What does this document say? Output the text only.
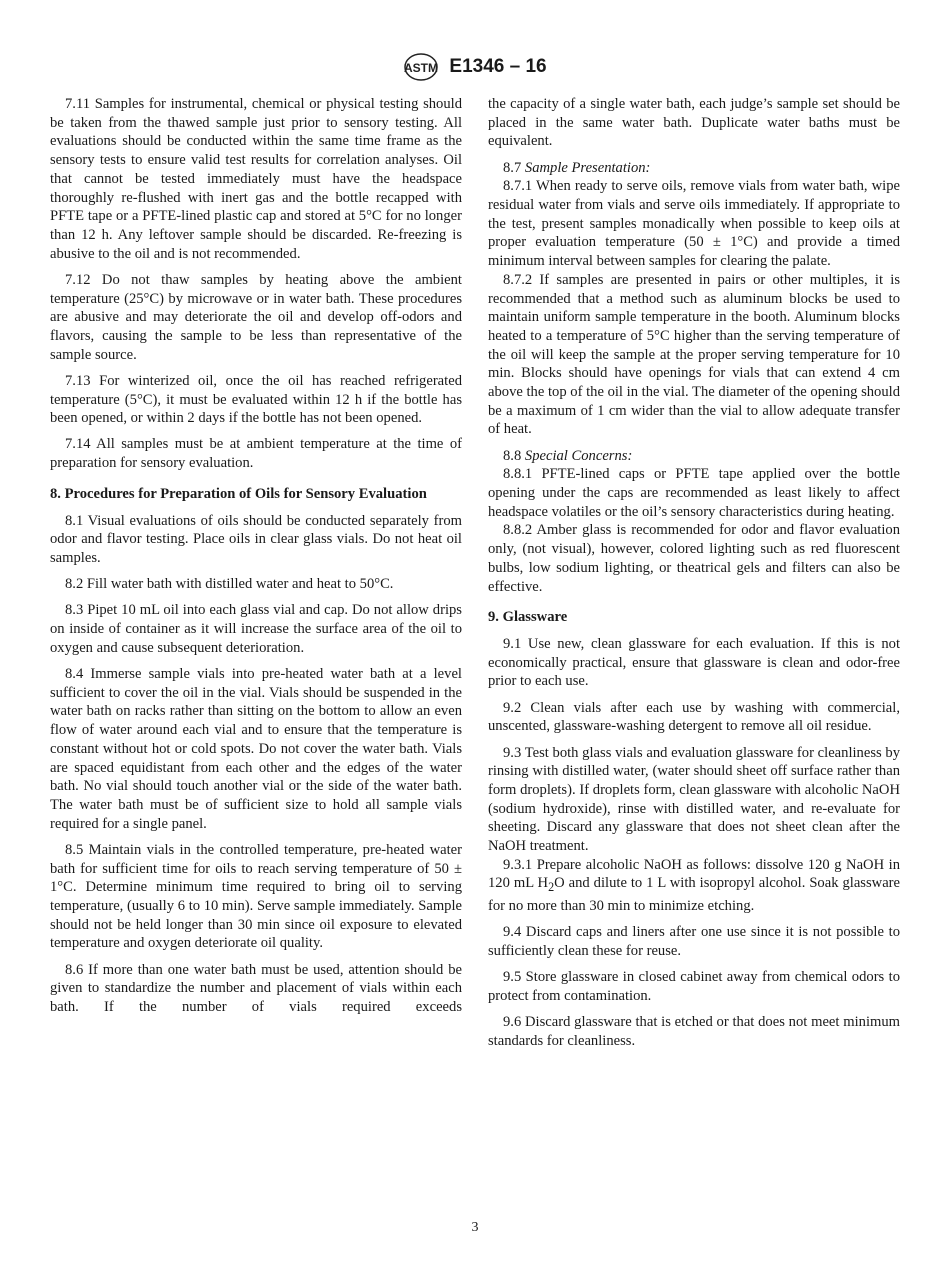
ASTM E1346 – 16

7.11 Samples for instrumental, chemical or physical testing should be taken from the thawed sample just prior to sensory testing. All evaluations should be conducted within the same time frame as the sensory tests to ensure valid test results for correlation analyses. Oil that cannot be tested immediately must have the headspace thoroughly re-flushed with inert gas and the bottle recapped with PFTE tape or a PFTE-lined plastic cap and stored at 5°C for no longer than 12 h. Any leftover sample should be discarded. Re-freezing is abusive to the oil and is not recommended.

7.12 Do not thaw samples by heating above the ambient temperature (25°C) by microwave or in water bath. These procedures are abusive and may deteriorate the oil and develop off-odors and flavors, causing the sample to be less than representative of the sample source.

7.13 For winterized oil, once the oil has reached refrigerated temperature (5°C), it must be evaluated within 12 h if the bottle has been opened, or within 2 days if the bottle has not been opened.

7.14 All samples must be at ambient temperature at the time of preparation for sensory evaluation.

8. Procedures for Preparation of Oils for Sensory Evaluation

8.1 Visual evaluations of oils should be conducted separately from odor and flavor testing. Place oils in clear glass vials. Do not heat oil samples.

8.2 Fill water bath with distilled water and heat to 50°C.

8.3 Pipet 10 mL oil into each glass vial and cap. Do not allow drips on inside of container as it will increase the surface area of the oil to oxygen and cause subsequent deterioration.

8.4 Immerse sample vials into pre-heated water bath at a level sufficient to cover the oil in the vial. Vials should be suspended in the water bath on racks rather than sitting on the bottom to allow an even flow of water around each vial and to ensure that the temperature is constant without hot or cold spots. Do not cover the water bath. Vials are spaced equidistant from each other and the edges of the water bath. No vial should touch another vial or the side of the water bath. The water bath must be of sufficient size to hold all sample vials required for a single panel.

8.5 Maintain vials in the controlled temperature, pre-heated water bath for sufficient time for oils to reach serving temperature of 50 ± 1°C. Determine minimum time required to bring oil to serving temperature, (usually 6 to 10 min). Serve sample immediately. Sample should not be held longer than 30 min since oil exposure to elevated temperature and oxygen deteriorate oil quality.

8.6 If more than one water bath must be used, attention should be given to standardize the number and placement of vials within each bath. If the number of vials required exceeds

the capacity of a single water bath, each judge’s sample set should be placed in the same water bath. Duplicate water baths must be equivalent.

8.7 Sample Presentation:

8.7.1 When ready to serve oils, remove vials from water bath, wipe residual water from vials and serve oils immediately. If appropriate to the test, present samples monadically when possible to keep oils at proper evaluation temperature (50 ± 1°C) and provide a timed minimum interval between samples for clearing the palate.

8.7.2 If samples are presented in pairs or other multiples, it is recommended that a method such as aluminum blocks be used to maintain uniform sample temperature in the booth. Aluminum blocks heated to a temperature of 5°C higher than the serving temperature of the oil will keep the sample at the proper serving temperature for 10 min. Blocks should have openings for vials that can extend 4 cm above the top of the oil in the vial. The diameter of the opening should be a maximum of 1 cm wider than the vial to allow adequate transfer of heat.

8.8 Special Concerns:

8.8.1 PFTE-lined caps or PFTE tape applied over the bottle opening under the caps are recommended as least likely to affect headspace volatiles or the oil’s sensory characteristics during heating.

8.8.2 Amber glass is recommended for odor and flavor evaluation only, (not visual), however, colored lighting such as red fluorescent bulbs, low sodium lighting, or theatrical gels and filters can also be effective.

9. Glassware

9.1 Use new, clean glassware for each evaluation. If this is not economically practical, ensure that glassware is clean and odor-free prior to each use.

9.2 Clean vials after each use by washing with commercial, unscented, glassware-washing detergent to remove all oil residue.

9.3 Test both glass vials and evaluation glassware for cleanliness by rinsing with distilled water, (water should sheet off surface rather than form droplets). If droplets form, clean glassware with alcoholic NaOH (sodium hydroxide), rinse with distilled water, and re-evaluate for sheeting. Discard any glassware that does not sheet clean after the NaOH treatment.

9.3.1 Prepare alcoholic NaOH as follows: dissolve 120 g NaOH in 120 mL $H_2O$ and dilute to 1 L with isopropyl alcohol. Soak glassware for no more than 30 min to minimize etching.

9.4 Discard caps and liners after one use since it is not possible to sufficiently clean these for reuse.

9.5 Store glassware in closed cabinet away from chemical odors to protect from contamination.

9.6 Discard glassware that is etched or that does not meet minimum standards for cleanliness.

3
